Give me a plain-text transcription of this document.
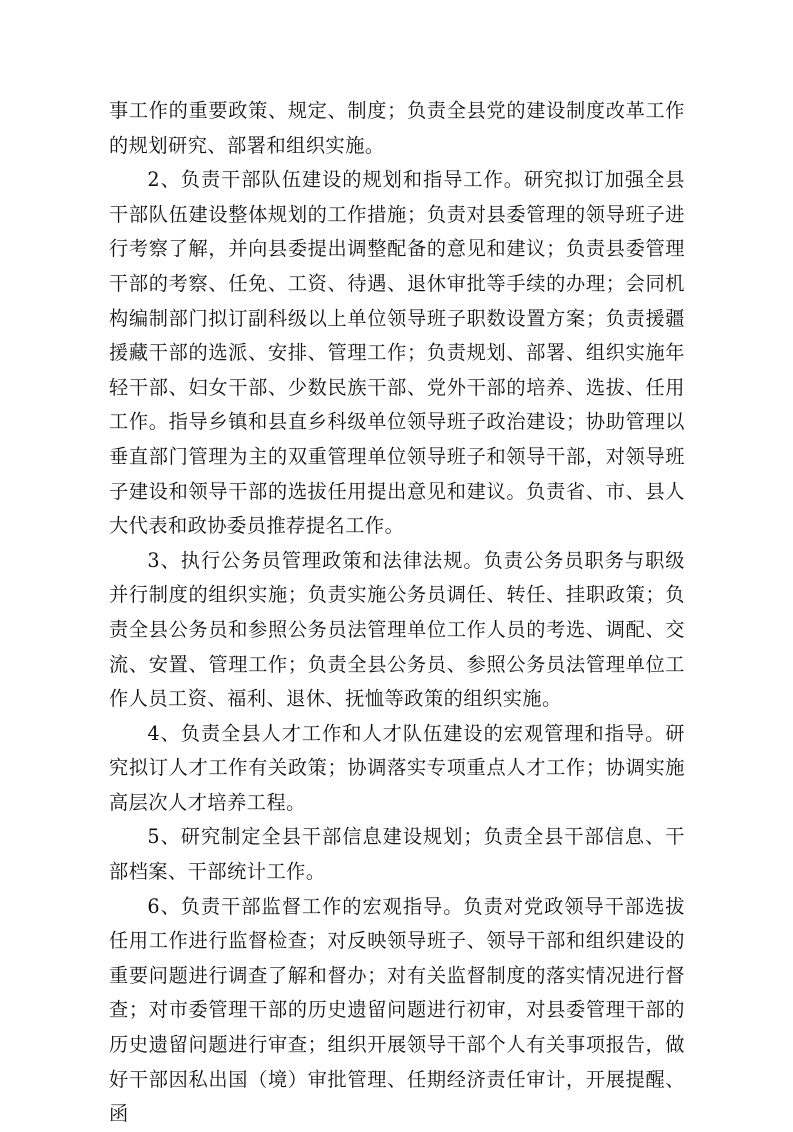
事工作的重要政策、规定、制度；负责全县党的建设制度改革工作的规划研究、部署和组织实施。

2、负责干部队伍建设的规划和指导工作。研究拟订加强全县干部队伍建设整体规划的工作措施；负责对县委管理的领导班子进行考察了解，并向县委提出调整配备的意见和建议；负责县委管理干部的考察、任免、工资、待遇、退休审批等手续的办理；会同机构编制部门拟订副科级以上单位领导班子职数设置方案；负责援疆援藏干部的选派、安排、管理工作；负责规划、部署、组织实施年轻干部、妇女干部、少数民族干部、党外干部的培养、选拔、任用工作。指导乡镇和县直乡科级单位领导班子政治建设；协助管理以垂直部门管理为主的双重管理单位领导班子和领导干部，对领导班子建设和领导干部的选拔任用提出意见和建议。负责省、市、县人大代表和政协委员推荐提名工作。

3、执行公务员管理政策和法律法规。负责公务员职务与职级并行制度的组织实施；负责实施公务员调任、转任、挂职政策；负责全县公务员和参照公务员法管理单位工作人员的考选、调配、交流、安置、管理工作；负责全县公务员、参照公务员法管理单位工作人员工资、福利、退休、抚恤等政策的组织实施。

4、负责全县人才工作和人才队伍建设的宏观管理和指导。研究拟订人才工作有关政策；协调落实专项重点人才工作；协调实施高层次人才培养工程。

5、研究制定全县干部信息建设规划；负责全县干部信息、干部档案、干部统计工作。

6、负责干部监督工作的宏观指导。负责对党政领导干部选拔任用工作进行监督检查；对反映领导班子、领导干部和组织建设的重要问题进行调查了解和督办；对有关监督制度的落实情况进行督查；对市委管理干部的历史遗留问题进行初审，对县委管理干部的历史遗留问题进行审查；组织开展领导干部个人有关事项报告，做好干部因私出国（境）审批管理、任期经济责任审计，开展提醒、函
